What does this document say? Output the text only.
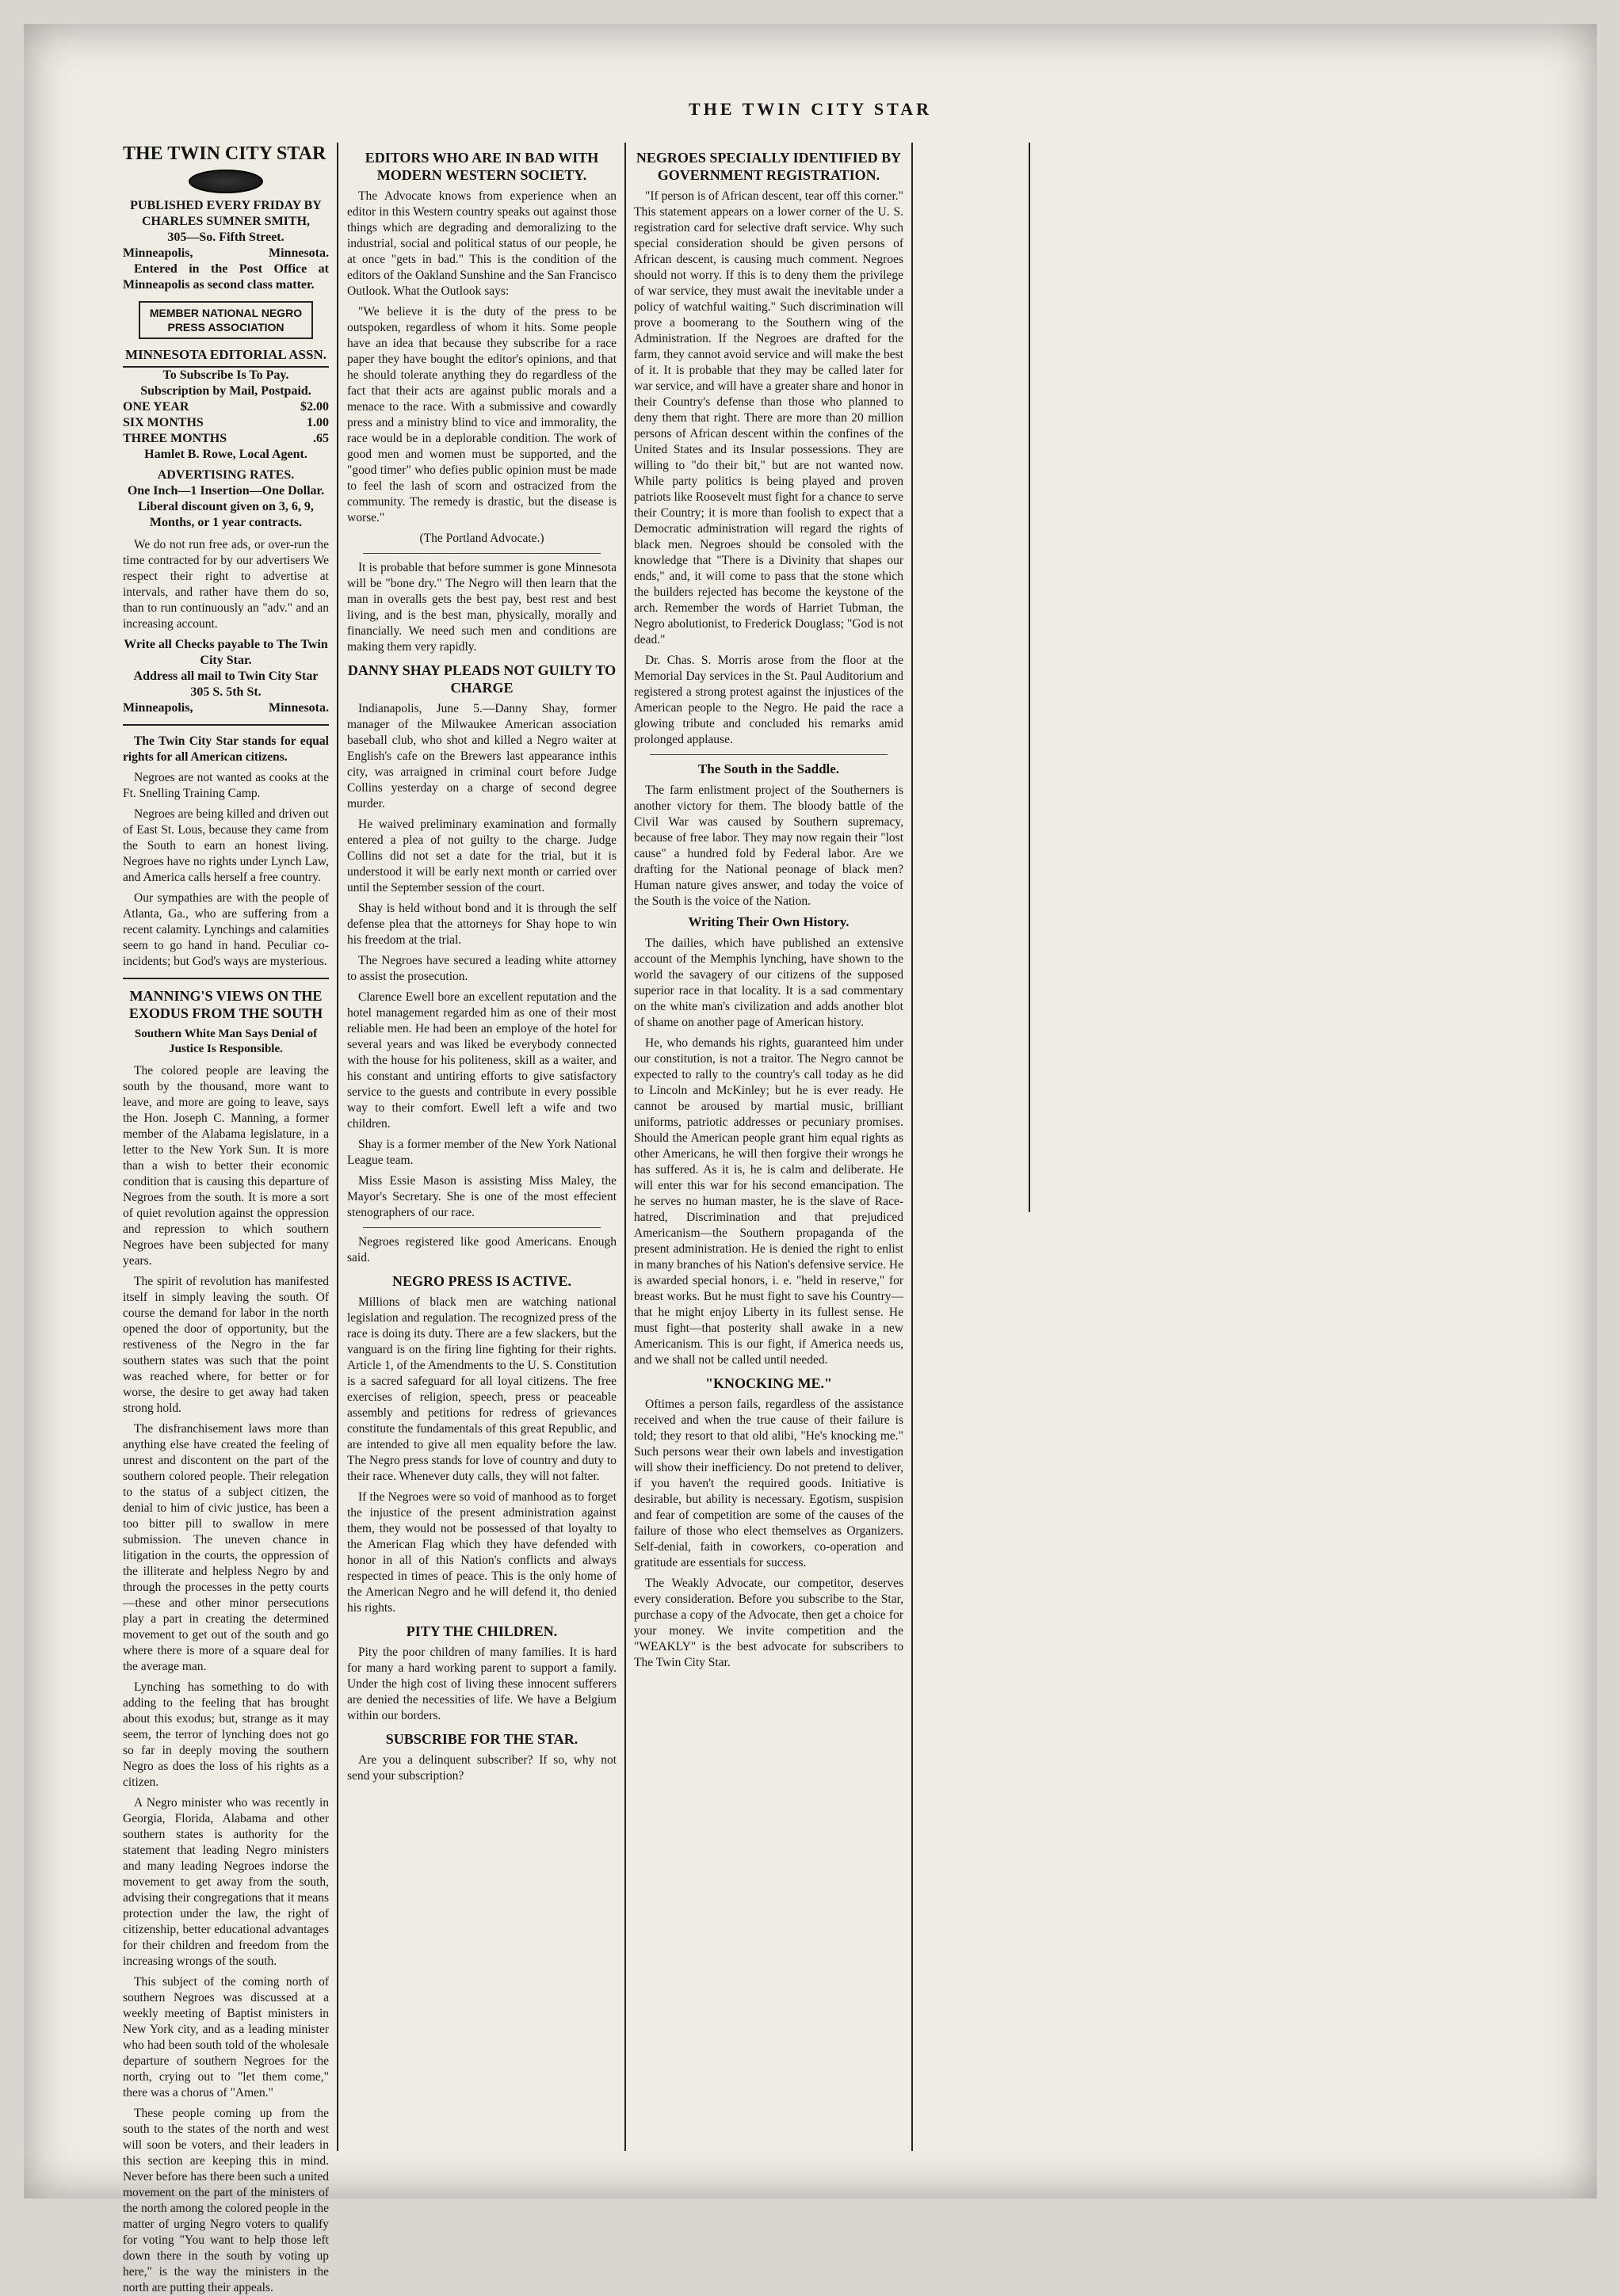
THE TWIN CITY STAR
THE TWIN CITY STAR
PUBLISHED EVERY FRIDAY BY
CHARLES SUMNER SMITH,
305—So. Fifth Street.
Minneapolis,	Minnesota.
Entered in the Post Office at Minneapolis as second class matter.
MEMBER NATIONAL NEGRO PRESS ASSOCIATION
MINNESOTA EDITORIAL ASSN.
To Subscribe Is To Pay.
Subscription by Mail, Postpaid.
ONE YEAR	$2.00
SIX MONTHS	1.00
THREE MONTHS	.65
Hamlet B. Rowe, Local Agent.
ADVERTISING RATES.
One Inch—1 Insertion—One Dollar. Liberal discount given on 3, 6, 9, Months, or 1 year contracts.

We do not run free ads, or over-run the time contracted for by our advertisers We respect their right to advertise at intervals, and rather have them do so, than to run continuously an "adv." and an increasing account.

Write all Checks payable to The Twin City Star.
Address all mail to Twin City Star 305 S. 5th St.
Minneapolis,	Minnesota.

The Twin City Star stands for equal rights for all American citizens.

Negroes are not wanted as cooks at the Ft. Snelling Training Camp.

Negroes are being killed and driven out of East St. Lous, because they came from the South to earn an honest living. Negroes have no rights under Lynch Law, and America calls herself a free country.

Our sympathies are with the people of Atlanta, Ga., who are suffering from a recent calamity. Lynchings and calamities seem to go hand in hand. Peculiar co-incidents; but God's ways are mysterious.

MANNING'S VIEWS ON THE EXODUS FROM THE SOUTH
Southern White Man Says Denial of Justice Is Responsible.

The colored people are leaving the south by the thousand, more want to leave, and more are going to leave, says the Hon. Joseph C. Manning, a former member of the Alabama legislature, in a letter to the New York Sun. It is more than a wish to better their economic condition that is causing this departure of Negroes from the south. It is more a sort of quiet revolution against the oppression and repression to which southern Negroes have been subjected for many years.

The spirit of revolution has manifested itself in simply leaving the south. Of course the demand for labor in the north opened the door of opportunity, but the restiveness of the Negro in the far southern states was such that the point was reached where, for better or for worse, the desire to get away had taken strong hold.

The disfranchisement laws more than anything else have created the feeling of unrest and discontent on the part of the southern colored people. Their relegation to the status of a subject citizen, the denial to him of civic justice, has been a too bitter pill to swallow in mere submission. The uneven chance in litigation in the courts, the oppression of the illiterate and helpless Negro by and through the processes in the petty courts—these and other minor persecutions play a part in creating the determined movement to get out of the south and go where there is more of a square deal for the average man.

Lynching has something to do with adding to the feeling that has brought about this exodus; but, strange as it may seem, the terror of lynching does not go so far in deeply moving the southern Negro as does the loss of his rights as a citizen.

A Negro minister who was recently in Georgia, Florida, Alabama and other southern states is authority for the statement that leading Negro ministers and many leading Negroes indorse the movement to get away from the south, advising their congregations that it means protection under the law, the right of citizenship, better educational advantages for their children and freedom from the increasing wrongs of the south.

This subject of the coming north of southern Negroes was discussed at a weekly meeting of Baptist ministers in New York city, and as a leading minister who had been south told of the wholesale departure of southern Negroes for the north, crying out to "let them come," there was a chorus of "Amen."

These people coming up from the south to the states of the north and west will soon be voters, and their leaders in this section are keeping this in mind. Never before has there been such a united movement on the part of the ministers of the north among the colored people in the matter of urging Negro voters to qualify for voting "You want to help those left down there in the south by voting up here," is the way the ministers in the north are putting their appeals.

EDITORS WHO ARE IN BAD WITH MODERN WESTERN SOCIETY.

The Advocate knows from experience when an editor in this Western country speaks out against those things which are degrading and demoralizing to the industrial, social and political status of our people, he at once "gets in bad." This is the condition of the editors of the Oakland Sunshine and the San Francisco Outlook. What the Outlook says:

"We believe it is the duty of the press to be outspoken, regardless of whom it hits. Some people have an idea that because they subscribe for a race paper they have bought the editor's opinions, and that he should tolerate anything they do regardless of the fact that their acts are against public morals and a menace to the race. With a submissive and cowardly press and a ministry blind to vice and immorality, the race would be in a deplorable condition. The work of good men and women must be supported, and the "good timer" who defies public opinion must be made to feel the lash of scorn and ostracized from the community. The remedy is drastic, but the disease is worse."

(The Portland Advocate.)

It is probable that before summer is gone Minnesota will be "bone dry." The Negro will then learn that the man in overalls gets the best pay, best rest and best living, and is the best man, physically, morally and financially. We need such men and conditions are making them very rapidly.

DANNY SHAY PLEADS NOT GUILTY TO CHARGE

Indianapolis, June 5.—Danny Shay, former manager of the Milwaukee American association baseball club, who shot and killed a Negro waiter at English's cafe on the Brewers last appearance inthis city, was arraigned in criminal court before Judge Collins yesterday on a charge of second degree murder.

He waived preliminary examination and formally entered a plea of not guilty to the charge. Judge Collins did not set a date for the trial, but it is understood it will be early next month or carried over until the September session of the court.

Shay is held without bond and it is through the self defense plea that the attorneys for Shay hope to win his freedom at the trial.

The Negroes have secured a leading white attorney to assist the prosecution.

Clarence Ewell bore an excellent reputation and the hotel management regarded him as one of their most reliable men. He had been an employe of the hotel for several years and was liked be everybody connected with the house for his politeness, skill as a waiter, and his constant and untiring efforts to give satisfactory service to the guests and contribute in every possible way to their comfort. Ewell left a wife and two children.

Shay is a former member of the New York National League team.

Miss Essie Mason is assisting Miss Maley, the Mayor's Secretary. She is one of the most effecient stenographers of our race.

Negroes registered like good Americans. Enough said.

NEGRO PRESS IS ACTIVE.

Millions of black men are watching national legislation and regulation. The recognized press of the race is doing its duty. There are a few slackers, but the vanguard is on the firing line fighting for their rights. Article 1, of the Amendments to the U. S. Constitution is a sacred safeguard for all loyal citizens. The free exercises of religion, speech, press or peaceable assembly and petitions for redress of grievances constitute the fundamentals of this great Republic, and are intended to give all men equality before the law. The Negro press stands for love of country and duty to their race. Whenever duty calls, they will not falter.

If the Negroes were so void of manhood as to forget the injustice of the present administration against them, they would not be possessed of that loyalty to the American Flag which they have defended with honor in all of this Nation's conflicts and always respected in times of peace. This is the only home of the American Negro and he will defend it, tho denied his rights.

PITY THE CHILDREN.

Pity the poor children of many families. It is hard for many a hard working parent to support a family. Under the high cost of living these innocent sufferers are denied the necessities of life. We have a Belgium within our borders.

SUBSCRIBE FOR THE STAR.

Are you a delinquent subscriber? If so, why not send your subscription?

NEGROES SPECIALLY IDENTIFIED BY GOVERNMENT REGISTRATION.

"If person is of African descent, tear off this corner." This statement appears on a lower corner of the U. S. registration card for selective draft service. Why such special consideration should be given persons of African descent, is causing much comment. Negroes should not worry. If this is to deny them the privilege of war service, they must await the inevitable under a policy of watchful waiting." Such discrimination will prove a boomerang to the Southern wing of the Administration. If the Negroes are drafted for the farm, they cannot avoid service and will make the best of it. It is probable that they may be called later for war service, and will have a greater share and honor in their Country's defense than those who planned to deny them that right. There are more than 20 million persons of African descent within the confines of the United States and its Insular possessions. They are willing to "do their bit," but are not wanted now. While party politics is being played and proven patriots like Roosevelt must fight for a chance to serve their Country; it is more than foolish to expect that a Democratic administration will regard the rights of black men. Negroes should be consoled with the knowledge that "There is a Divinity that shapes our ends," and, it will come to pass that the stone which the builders rejected has become the keystone of the arch. Remember the words of Harriet Tubman, the Negro abolutionist, to Frederick Douglass; "God is not dead."

Dr. Chas. S. Morris arose from the floor at the Memorial Day services in the St. Paul Auditorium and registered a strong protest against the injustices of the American people to the Negro. He paid the race a glowing tribute and concluded his remarks amid prolonged applause.

The South in the Saddle.

The farm enlistment project of the Southerners is another victory for them. The bloody battle of the Civil War was caused by Southern supremacy, because of free labor. They may now regain their "lost cause" a hundred fold by Federal labor. Are we drafting for the National peonage of black men? Human nature gives answer, and today the voice of the South is the voice of the Nation.

Writing Their Own History.

The dailies, which have published an extensive account of the Memphis lynching, have shown to the world the savagery of our citizens of the supposed superior race in that locality. It is a sad commentary on the white man's civilization and adds another blot of shame on another page of American history.

He, who demands his rights, guaranteed him under our constitution, is not a traitor. The Negro cannot be expected to rally to the country's call today as he did to Lincoln and McKinley; but he is ever ready. He cannot be aroused by martial music, brilliant uniforms, patriotic addresses or pecuniary promises. Should the American people grant him equal rights as other Americans, he will then forgive their wrongs he has suffered. As it is, he is calm and deliberate. He will enter this war for his second emancipation. The he serves no human master, he is the slave of Race-hatred, Discrimination and that prejudiced Americanism—the Southern propaganda of the present administration. He is denied the right to enlist in many branches of his Nation's defensive service. He is awarded special honors, i. e. "held in reserve," for breast works. But he must fight to save his Country—that he might enjoy Liberty in its fullest sense. He must fight—that posterity shall awake in a new Americanism. This is our fight, if America needs us, and we shall not be called until needed.

"KNOCKING ME."

Oftimes a person fails, regardless of the assistance received and when the true cause of their failure is told; they resort to that old alibi, "He's knocking me." Such persons wear their own labels and investigation will show their inefficiency. Do not pretend to deliver, if you haven't the required goods. Initiative is desirable, but ability is necessary. Egotism, suspision and fear of competition are some of the causes of the failure of those who elect themselves as Organizers. Self-denial, faith in coworkers, co-operation and gratitude are essentials for success.

The Weakly Advocate, our competitor, deserves every consideration. Before you subscribe to the Star, purchase a copy of the Advocate, then get a choice for your money. We invite competition and the "WEAKLY" is the best advocate for subscribers to The Twin City Star.
